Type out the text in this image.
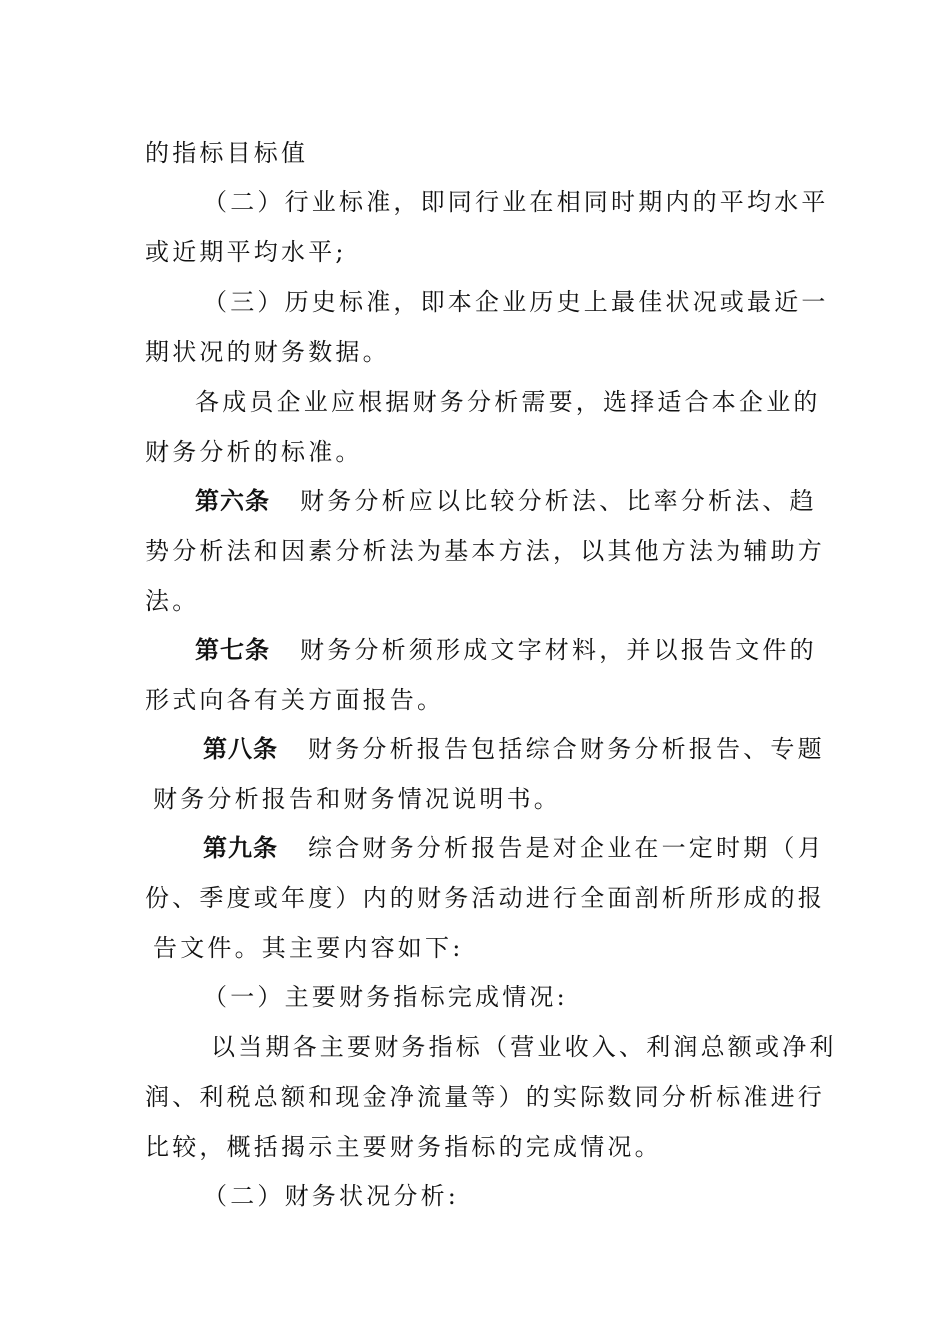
的指标目标值

（二）行业标准，即同行业在相同时期内的平均水平
或近期平均水平;

（三）历史标准，即本企业历史上最佳状况或最近一
期状况的财务数据。

各成员企业应根据财务分析需要，选择适合本企业的
财务分析的标准。

第六条 财务分析应以比较分析法、比率分析法、趋
势分析法和因素分析法为基本方法，以其他方法为辅助方
法。

第七条 财务分析须形成文字材料，并以报告文件的
形式向各有关方面报告。

第八条 财务分析报告包括综合财务分析报告、专题
财务分析报告和财务情况说明书。

第九条 综合财务分析报告是对企业在一定时期（月
份、季度或年度）内的财务活动进行全面剖析所形成的报
告文件。其主要内容如下:

（一）主要财务指标完成情况:

以当期各主要财务指标（营业收入、利润总额或净利
润、利税总额和现金净流量等）的实际数同分析标准进行
比较，概括揭示主要财务指标的完成情况。

（二）财务状况分析:
